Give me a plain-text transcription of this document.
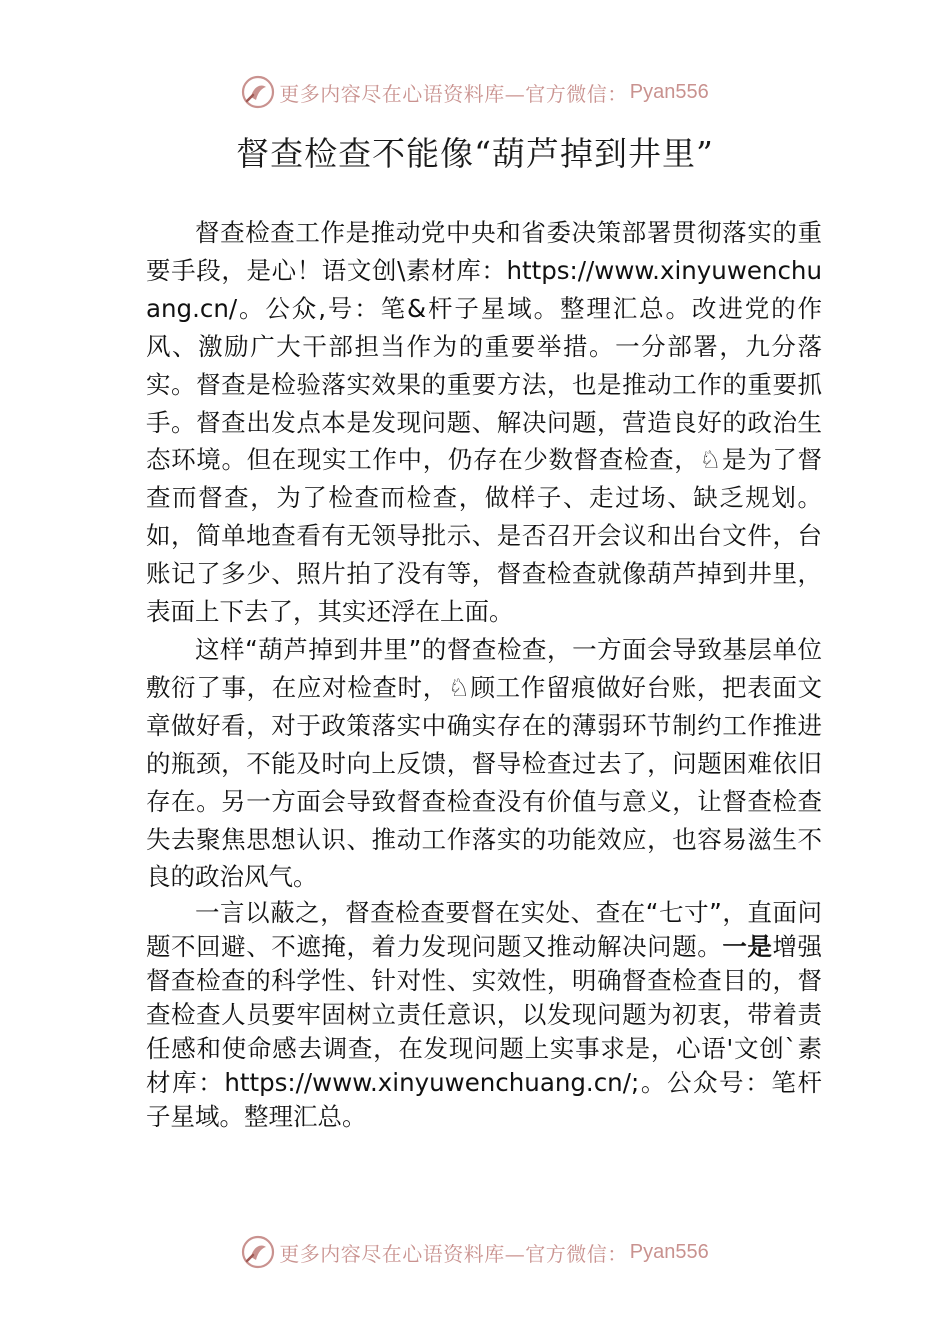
更多内容尽在心语资料库—官方微信： Pyan556
督查检查不能像“葫芦掉到井里”

督查检查工作是推动党中央和省委决策部署贯彻落实的重要手段，是心！语文创\素材库：https://www.xinyuwenchuang.cn/。公众,号：笔&杆子星域。整理汇总。改进党的作风、激励广大干部担当作为的重要举措。一分部署，九分落实。督查是检验落实效果的重要方法，也是推动工作的重要抓手。督查出发点本是发现问题、解决问题，营造良好的政治生态环境。但在现实工作中，仍存在少数督查检查，♘是为了督查而督查，为了检查而检查，做样子、走过场、缺乏规划。如，简单地查看有无领导批示、是否召开会议和出台文件，台账记了多少、照片拍了没有等，督查检查就像葫芦掉到井里，表面上下去了，其实还浮在上面。

这样“葫芦掉到井里”的督查检查，一方面会导致基层单位敷衍了事，在应对检查时，♘顾工作留痕做好台账，把表面文章做好看，对于政策落实中确实存在的薄弱环节制约工作推进的瓶颈，不能及时向上反馈，督导检查过去了，问题困难依旧存在。另一方面会导致督查检查没有价值与意义，让督查检查失去聚焦思想认识、推动工作落实的功能效应，也容易滋生不良的政治风气。

一言以蔽之，督查检查要督在实处、查在“七寸”，直面问题不回避、不遮掩，着力发现问题又推动解决问题。一是增强督查检查的科学性、针对性、实效性，明确督查检查目的，督查检查人员要牢固树立责任意识，以发现问题为初衷，带着责任感和使命感去调查，在发现问题上实事求是，心语'文创`素材库：https://www.xinyuwenchuang.cn/;。公众号：笔杆子星域。整理汇总。

更多内容尽在心语资料库—官方微信： Pyan556
